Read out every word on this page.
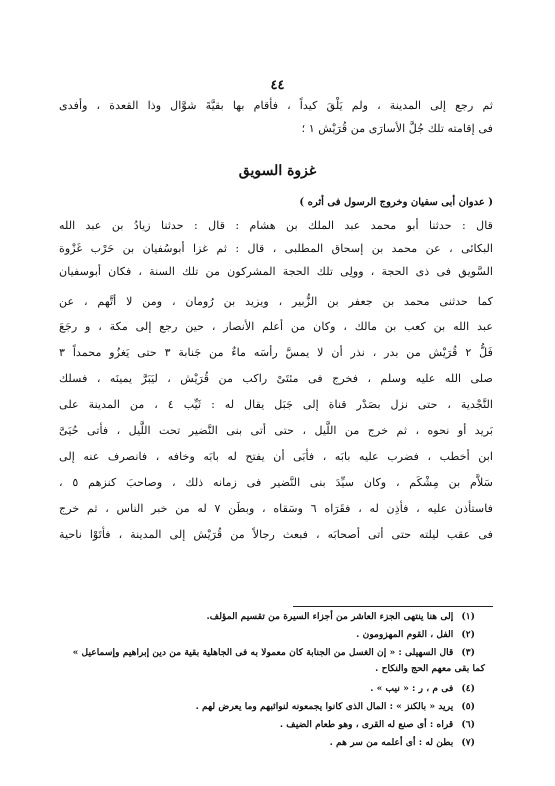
٤٤
ثم رجع إلى المدينة ، ولم يَلْقَ كيداً ، فأقام بها بقيَّةَ شوَّال وذا القعدة ، وأفدى
فى إقامته تلك جُلَّ الأسارَى من قُرَيْش ١ ؛
غزوة السويق
( عدوان أبى سفيان وخروج الرسول فى أثره )
قال : حدثنا أبو محمد عبد الملك بن هشام : قال : حدثنا زيادُ بن عبد الله
البكائى ، عن محمد بن إسحاق المطلبى ، قال : ثم غزا أبوسُفيان بن حَرْب غَزْوة
السَّويق فى ذى الحجة ، وولِى تلك الحجة المشركون من تلك السنة ، فكان أبوسفيان
كما حدثنى محمد بن جعفر بن الزُّبير ، ويزيد بن رُومان ، ومن لا أتَّهم ، عن
عبد الله بن كعب بن مالك ، وكان من أعلم الأنصار ، حين رجع إلى مكة ، و رجَعَ
فَلُّ ٢ قُرَيْش من بدر ، نذر أن لا يمسَّ رأسَه ماءٌ من جَنابة ٣ حتى يَغزُو محمداً ٣
صلى الله عليه وسلم ، فخرج فى مئتَىْ راكب من قُرَيْش ، ليَبَرَّ يمينَه ، فسلك
النَّجْدية ، حتى نزل بصَدْر قناة إلى جَبَل يقال له : ثَيِّب ٤ ، من المدينة على
بَريد أو نحوه ، ثم خرج من اللَّيل ، حتى أتى بنى النَّضير تحت اللَّيل ، فأتى حُيَىَّ
ابن أخطب ، فضرب عليه بابَه ، فأبَى أن يفتح له بابَه وخافه ، فانصرف عنه إلى
سَلاَّم بن مِشْكَم ، وكان سيِّدَ بنى النَّضير فى زمانه ذلك ، وصاحبَ كنزهم ٥ ،
فاستأذن عليه ، فأذِن له ، فقَرَاه ٦ وسَقاه ، وبطَن ٧ له من خبر الناس ، ثم خرج
فى عقب ليلته حتى أتى أصحابَه ، فبعث رجالاً من قُرَيْش إلى المدينة ، فأتَوْا ناحية
(١)إلى هنا ينتهى الجزء العاشر من أجزاء السيرة من تقسيم المؤلف.
(٢)الفل ، القوم المهزومون .
(٣)قال السهيلى : « إن الغسل من الجنابة كان معمولا به فى الجاهلية بقية من دين إبراهيم وإسماعيل »
كما بقى معهم الحج والنكاح .
(٤)فى م ، ر : « نيب » .
(٥)يريد « بالكنز » : المال الذى كانوا يجمعونه لنوائبهم وما يعرض لهم .
(٦)قراه : أى صنع له القرى ، وهو طعام الضيف .
(٧)بطن له : أى أعلمه من سر هم .
